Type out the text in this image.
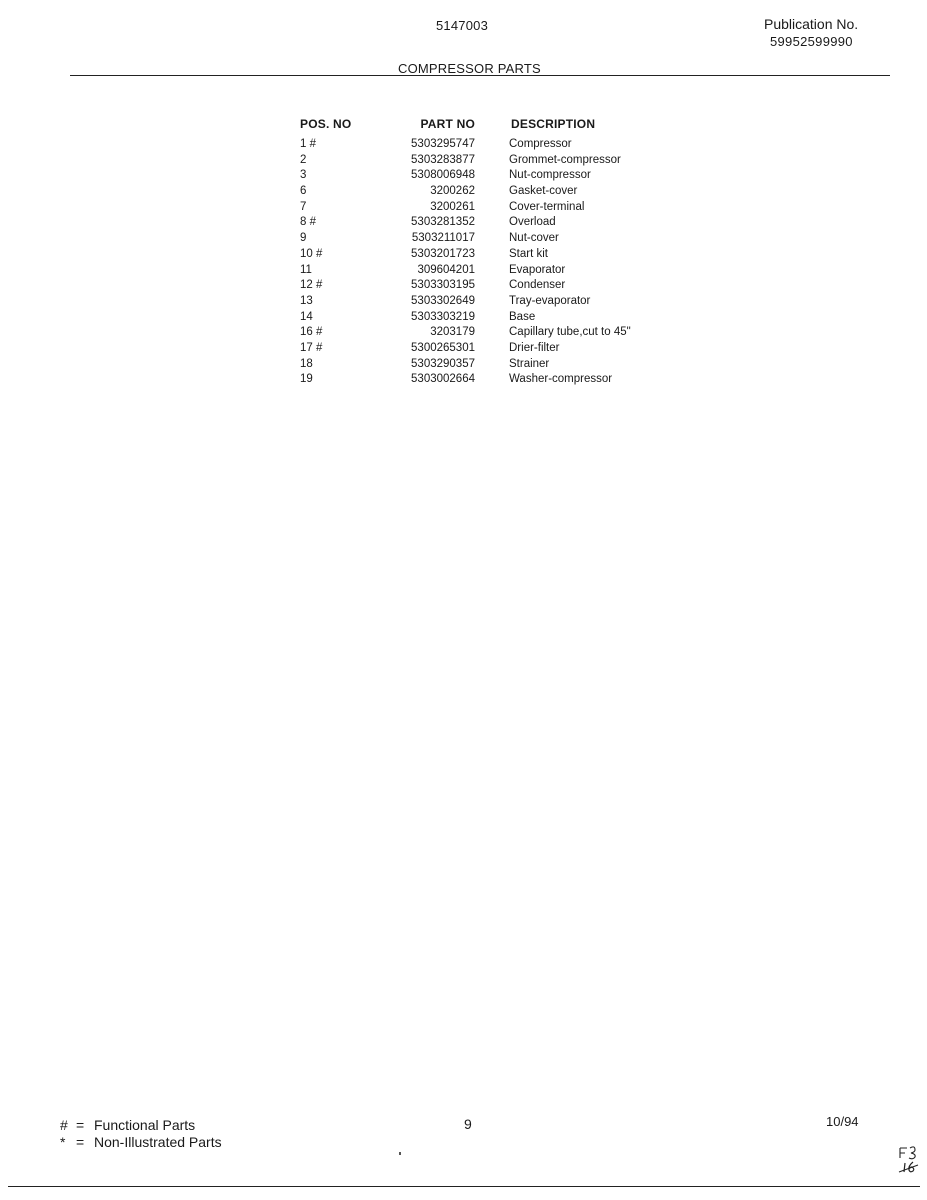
5147003	Publication No.
59952599990
COMPRESSOR PARTS
POS. NO	PART NO	DESCRIPTION
1 #	5303295747	Compressor
2	5303283877	Grommet-compressor
3	5308006948	Nut-compressor
6	3200262	Gasket-cover
7	3200261	Cover-terminal
8 #	5303281352	Overload
9	5303211017	Nut-cover
10 #	5303201723	Start kit
11	309604201	Evaporator
12 #	5303303195	Condenser
13	5303302649	Tray-evaporator
14	5303303219	Base
16 #	3203179	Capillary tube,cut to 45"
17 #	5300265301	Drier-filter
18	5303290357	Strainer
19	5303002664	Washer-compressor
# = Functional Parts
* = Non-Illustrated Parts
9	10/94
